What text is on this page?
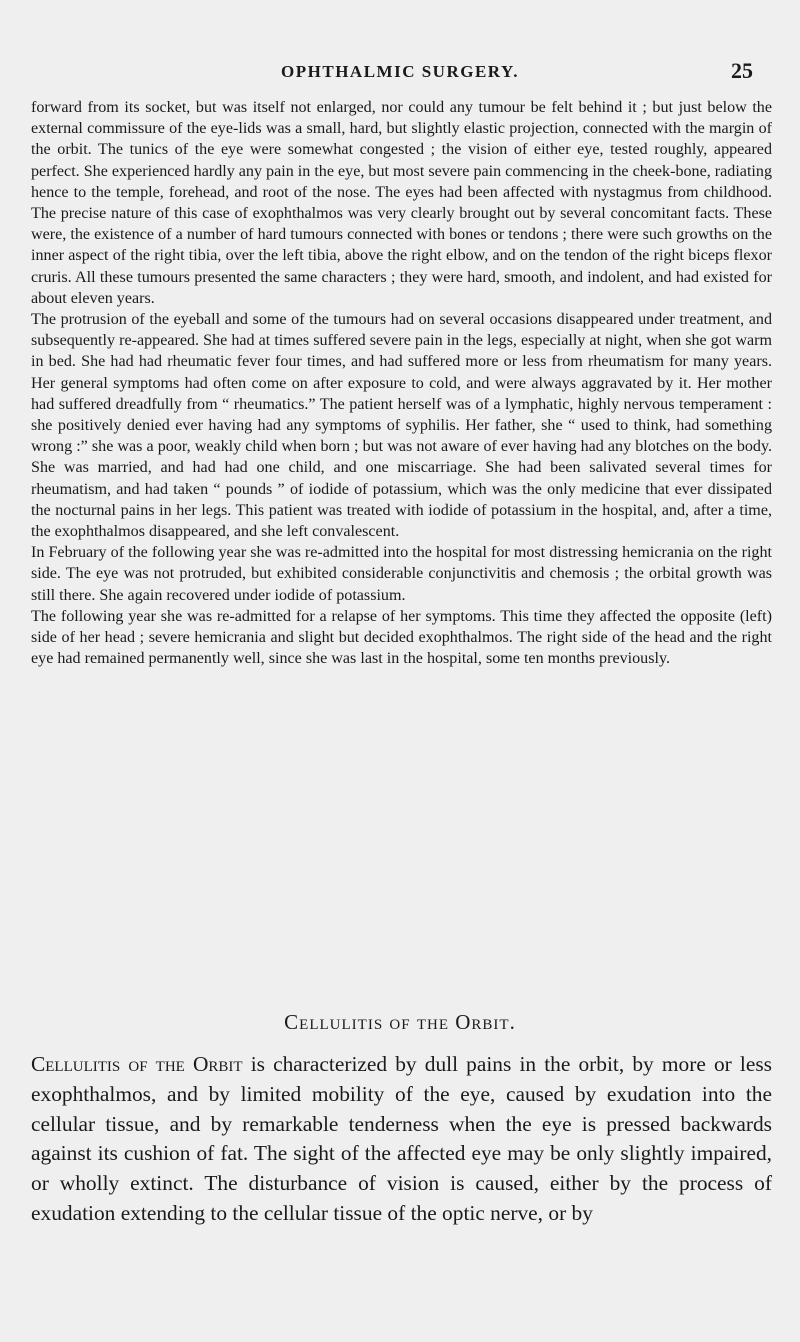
OPHTHALMIC SURGERY.	25

forward from its socket, but was itself not enlarged, nor could any tumour be felt behind it ; but just below the external commissure of the eye-lids was a small, hard, but slightly elastic projection, connected with the margin of the orbit. The tunics of the eye were somewhat congested ; the vision of either eye, tested roughly, appeared perfect. She experienced hardly any pain in the eye, but most severe pain commencing in the cheek-bone, radiating hence to the temple, forehead, and root of the nose. The eyes had been affected with nystagmus from childhood. The precise nature of this case of exophthalmos was very clearly brought out by several concomitant facts. These were, the existence of a number of hard tumours connected with bones or tendons ; there were such growths on the inner aspect of the right tibia, over the left tibia, above the right elbow, and on the tendon of the right biceps flexor cruris. All these tumours presented the same characters ; they were hard, smooth, and indolent, and had existed for about eleven years.

The protrusion of the eyeball and some of the tumours had on several occasions disappeared under treatment, and subsequently re-appeared. She had at times suffered severe pain in the legs, especially at night, when she got warm in bed. She had had rheumatic fever four times, and had suffered more or less from rheumatism for many years. Her general symptoms had often come on after exposure to cold, and were always aggravated by it. Her mother had suffered dreadfully from “ rheumatics.” The patient herself was of a lymphatic, highly nervous temperament : she positively denied ever having had any symptoms of syphilis. Her father, she “ used to think, had something wrong :” she was a poor, weakly child when born ; but was not aware of ever having had any blotches on the body. She was married, and had had one child, and one miscarriage. She had been salivated several times for rheumatism, and had taken “ pounds ” of iodide of potassium, which was the only medicine that ever dissipated the nocturnal pains in her legs. This patient was treated with iodide of potassium in the hospital, and, after a time, the exophthalmos disappeared, and she left convalescent.

In February of the following year she was re-admitted into the hospital for most distressing hemicrania on the right side. The eye was not protruded, but exhibited considerable conjunctivitis and chemosis ; the orbital growth was still there. She again recovered under iodide of potassium.

The following year she was re-admitted for a relapse of her symptoms. This time they affected the opposite (left) side of her head ; severe hemicrania and slight but decided exophthalmos. The right side of the head and the right eye had remained permanently well, since she was last in the hospital, some ten months previously.

Cellulitis of the Orbit.

Cellulitis of the Orbit is characterized by dull pains in the orbit, by more or less exophthalmos, and by limited mobility of the eye, caused by exudation into the cellular tissue, and by remarkable tenderness when the eye is pressed backwards against its cushion of fat. The sight of the affected eye may be only slightly impaired, or wholly extinct. The disturbance of vision is caused, either by the process of exudation extending to the cellular tissue of the optic nerve, or by
